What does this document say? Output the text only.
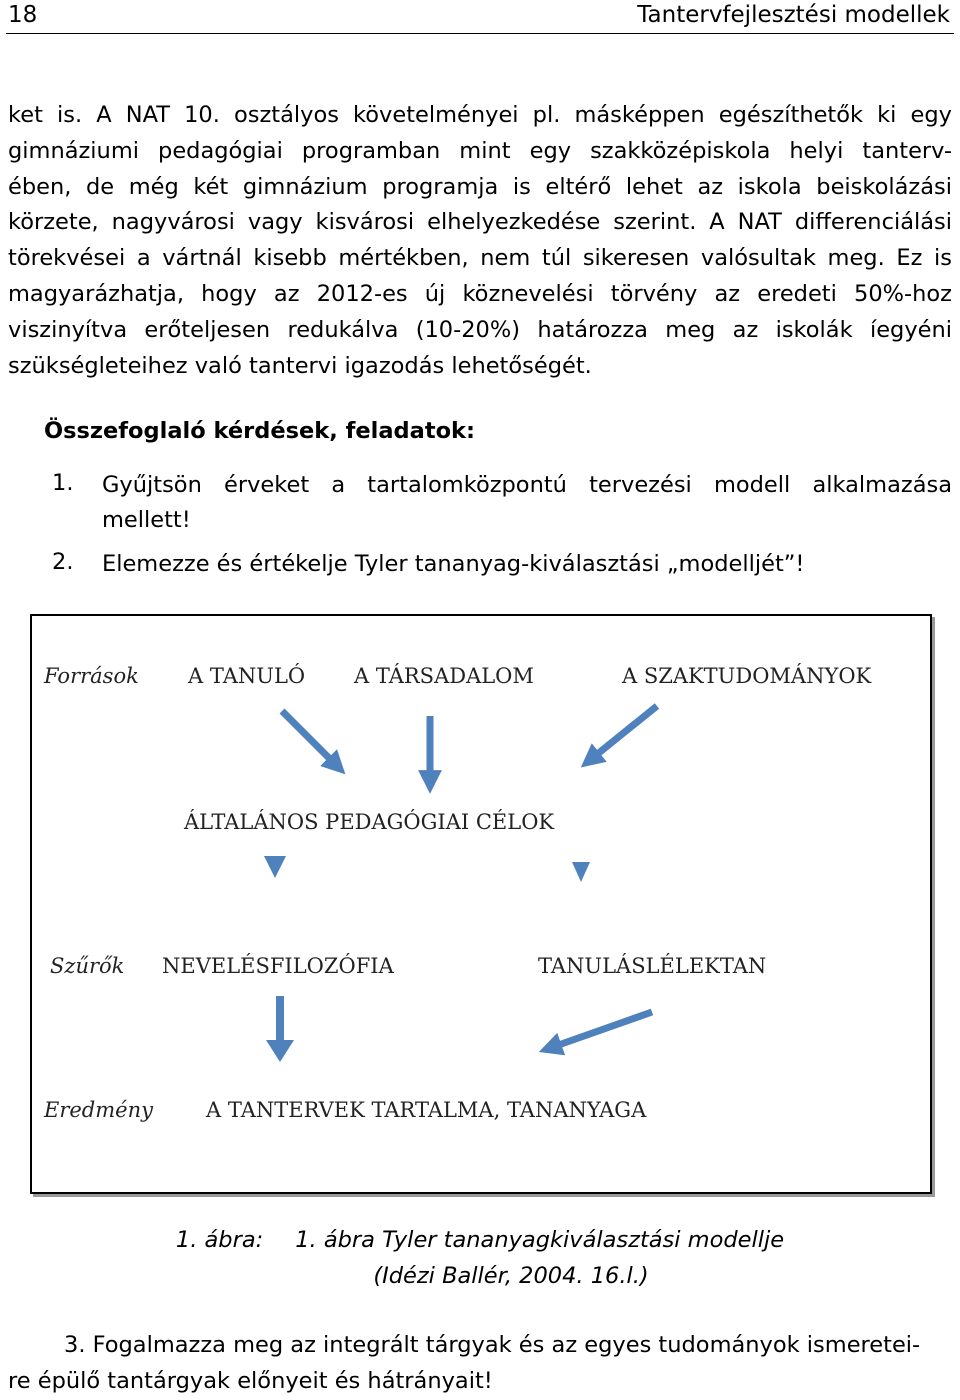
18	Tantervfejlesztési modellek
ket is. A NAT 10. osztályos követelményei pl. másképpen egészíthetők ki egy
gimnáziumi pedagógiai programban mint egy szakközépiskola helyi tanterv-
ében, de még két gimnázium programja is eltérő lehet az iskola beiskolázási
körzete, nagyvárosi vagy kisvárosi elhelyezkedése szerint. A NAT differenciálási
törekvései a vártnál kisebb mértékben, nem túl sikeresen valósultak meg. Ez is
magyarázhatja, hogy az 2012-es új köznevelési törvény az eredeti 50%-hoz
viszinyítva erőteljesen redukálva (10-20%) határozza meg az iskolák íegyéni
szükségleteihez való tantervi igazodás lehetőségét.
Összefoglaló kérdések, feladatok:
1. Gyűjtsön érveket a tartalomközpontú tervezési modell alkalmazása
mellett!
2. Elemezze és értékelje Tyler tananyag-kiválasztási „modelljét”!
Források A TANULÓ A TÁRSADALOM	A SZAKTUDOMÁNYOK
ÁLTALÁNOS PEDAGÓGIAI CÉLOK
Szűrők NEVELÉSFILOZÓFIA	TANULÁSLÉLEKTAN
Eredmény	A TANTERVEK TARTALMA, TANANYAGA
1. ábra: 1. ábra Tyler tananyagkiválasztási modellje
(Idézi Ballér, 2004. 16.l.)
3. Fogalmazza meg az integrált tárgyak és az egyes tudományok ismeretei-
re épülő tantárgyak előnyeit és hátrányait!
